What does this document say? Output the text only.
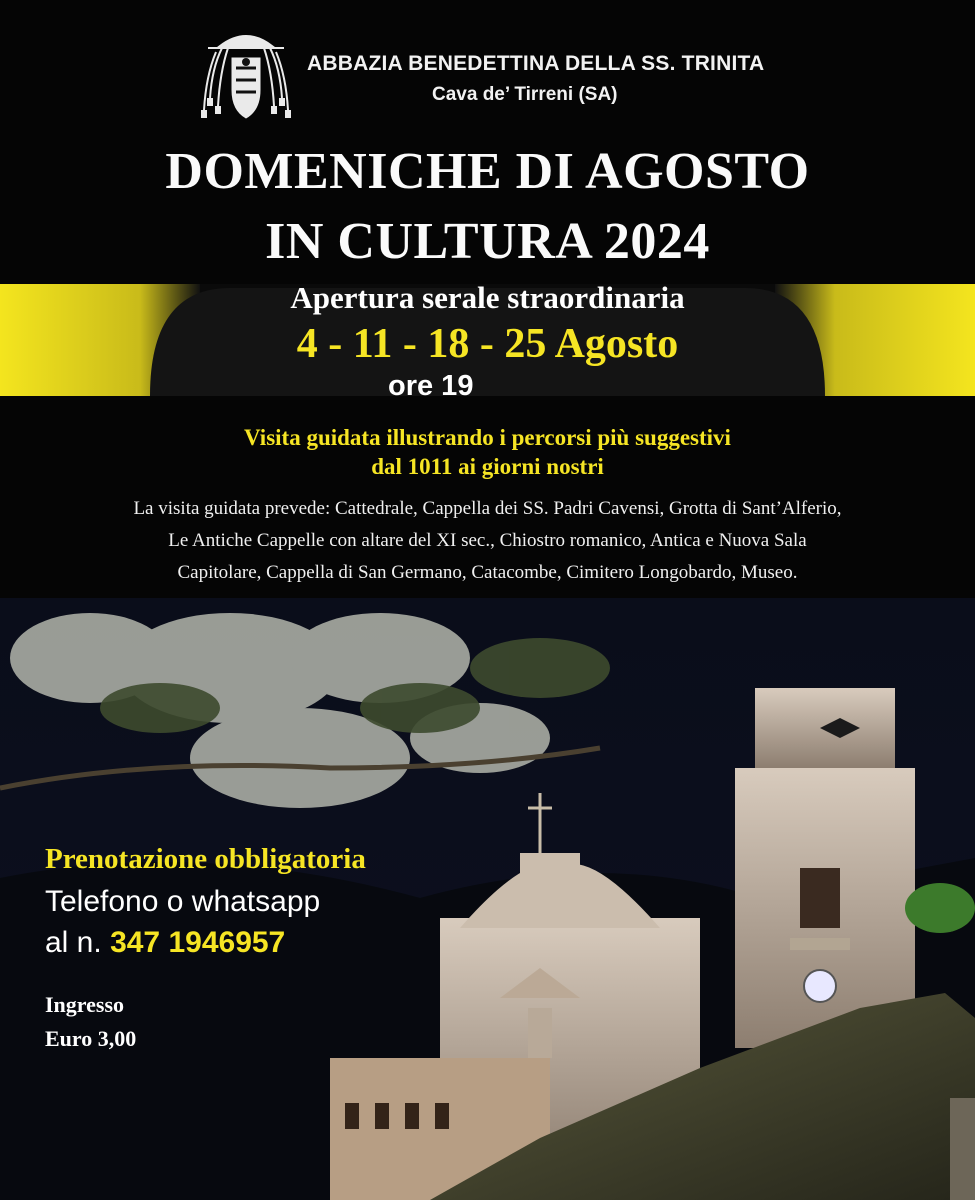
ABBAZIA BENEDETTINA DELLA SS. TRINITA
Cava de’ Tirreni (SA)
DOMENICHE DI AGOSTO
IN CULTURA 2024
Apertura serale straordinaria
4 - 11 - 18 - 25 Agosto
ore 19
Visita guidata illustrando i percorsi più suggestivi
dal 1011 ai giorni nostri
La visita guidata prevede: Cattedrale, Cappella dei SS. Padri Cavensi, Grotta di Sant’Alferio,
Le Antiche Cappelle con altare del XI sec., Chiostro romanico, Antica e Nuova Sala
Capitolare, Cappella di San Germano, Catacombe, Cimitero Longobardo, Museo.
Prenotazione obbligatoria
Telefono o whatsapp
al n. 347 1946957
Ingresso
Euro 3,00
